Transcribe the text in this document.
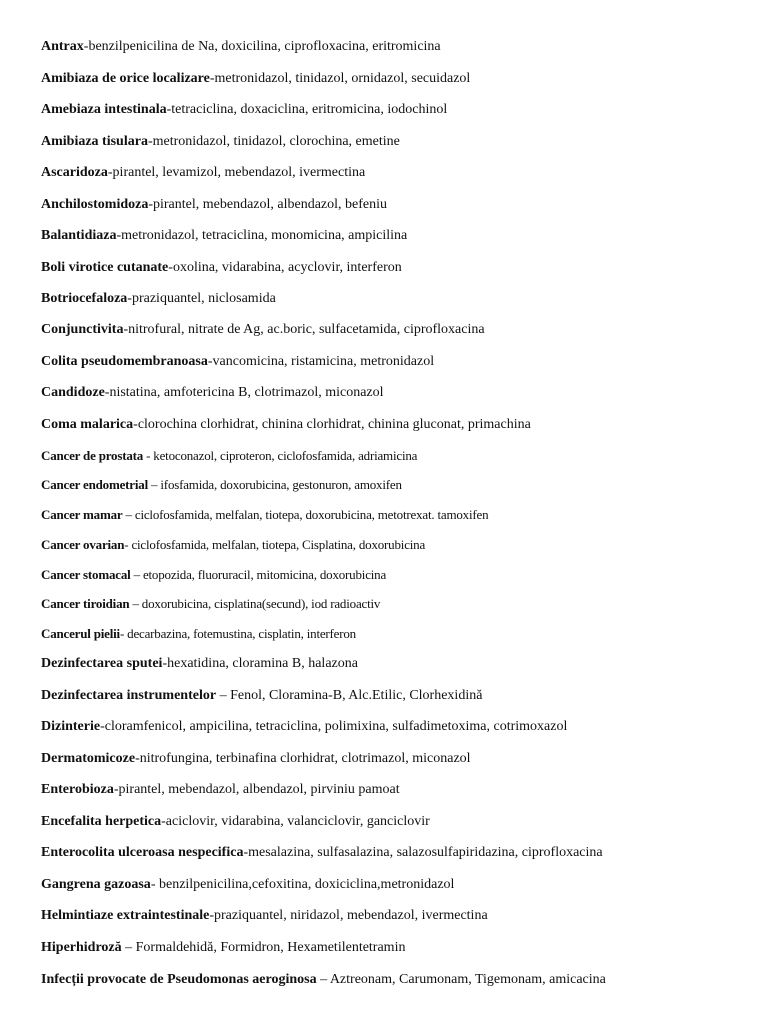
Antrax-benzilpenicilina de Na, doxicilina, ciprofloxacina, eritromicina
Amibiaza de orice localizare-metronidazol, tinidazol, ornidazol, secuidazol
Amebiaza intestinala-tetraciclina, doxaciclina, eritromicina, iodochinol
Amibiaza tisulara-metronidazol, tinidazol, clorochina, emetine
Ascaridoza-pirantel, levamizol, mebendazol, ivermectina
Anchilostomidoza-pirantel, mebendazol, albendazol, befeniu
Balantidiaza-metronidazol, tetraciclina, monomicina, ampicilina
Boli virotice cutanate-oxolina, vidarabina, acyclovir, interferon
Botriocefaloza-praziquantel, niclosamida
Conjunctivita-nitrofural, nitrate de Ag, ac.boric, sulfacetamida, ciprofloxacina
Colita pseudomembranoasa-vancomicina, ristamicina, metronidazol
Candidoze-nistatina, amfotericina B, clotrimazol, miconazol
Coma malarica-clorochina clorhidrat, chinina clorhidrat, chinina gluconat, primachina
Cancer de prostata - ketoconazol, ciproteron, ciclofosfamida, adriamicina
Cancer endometrial – ifosfamida, doxorubicina, gestonuron, amoxifen
Cancer mamar – ciclofosfamida, melfalan, tiotepa, doxorubicina, metotrexat. tamoxifen
Cancer ovarian- ciclofosfamida, melfalan, tiotepa, Cisplatina, doxorubicina
Cancer stomacal – etopozida, fluoruracil, mitomicina, doxorubicina
Cancer tiroidian – doxorubicina, cisplatina(secund), iod radioactiv
Cancerul pielii- decarbazina, fotemustina, cisplatin, interferon
Dezinfectarea sputei-hexatidina, cloramina B, halazona
Dezinfectarea instrumentelor – Fenol, Cloramina-B, Alc.Etilic, Clorhexidină
Dizinterie-cloramfenicol, ampicilina, tetraciclina, polimixina, sulfadimetoxima, cotrimoxazol
Dermatomicoze-nitrofungina, terbinafina clorhidrat, clotrimazol, miconazol
Enterobioza-pirantel, mebendazol, albendazol, pirviniu pamoat
Encefalita herpetica-aciclovir, vidarabina, valanciclovir, ganciclovir
Enterocolita ulceroasa nespecifica-mesalazina, sulfasalazina, salazosulfapiridazina, ciprofloxacina
Gangrena gazoasa- benzilpenicilina,cefoxitina, doxiciclina,metronidazol
Helmintiaze extraintestinale-praziquantel, niridazol, mebendazol, ivermectina
Hiperhidroză – Formaldehidă, Formidron, Hexametilentetramin
Infecții provocate de Pseudomonas aeroginosa – Aztreonam, Carumonam, Tigemonam, amicacina
